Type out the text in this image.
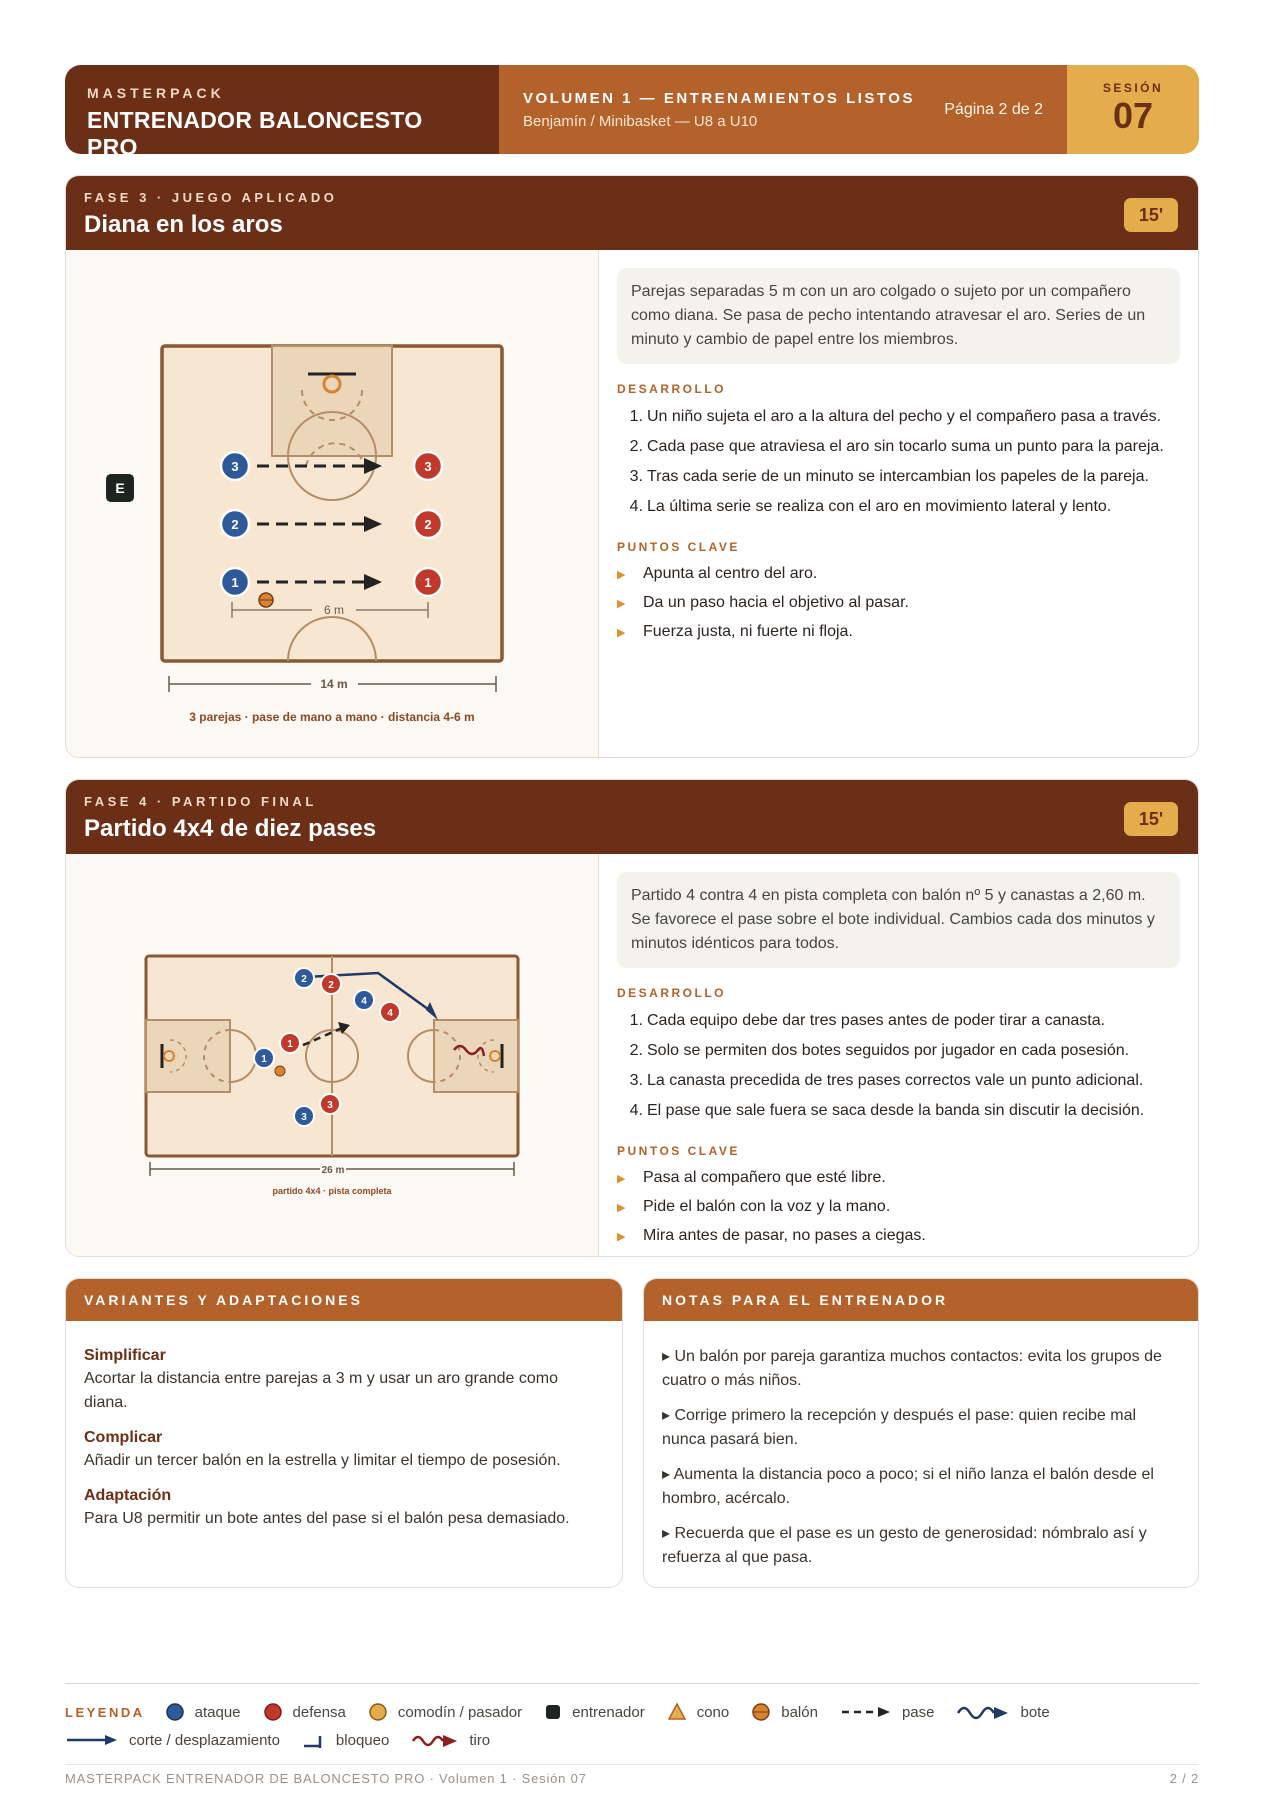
MASTERPACK
ENTRENADOR BALONCESTO PRO
VOLUMEN 1 — ENTRENAMIENTOS LISTOS
Benjamín / Minibasket — U8 a U10
Página 2 de 2
SESIÓN
07
FASE 3 · JUEGO APLICADO
Diana en los aros	15'
E
3
2
1
3
2
1
6 m
14 m
3 parejas · pase de mano a mano · distancia 4-6 m
Parejas separadas 5 m con un aro colgado o sujeto por un compañero como diana. Se pasa de pecho intentando atravesar el aro. Series de un minuto y cambio de papel entre los miembros.
DESARROLLO
1. Un niño sujeta el aro a la altura del pecho y el compañero pasa a través.
2. Cada pase que atraviesa el aro sin tocarlo suma un punto para la pareja.
3. Tras cada serie de un minuto se intercambian los papeles de la pareja.
4. La última serie se realiza con el aro en movimiento lateral y lento.
PUNTOS CLAVE
▶ Apunta al centro del aro.
▶ Da un paso hacia el objetivo al pasar.
▶ Fuerza justa, ni fuerte ni floja.
FASE 4 · PARTIDO FINAL
Partido 4x4 de diez pases	15'
2
4
1
3
2
4
1
3
26 m
partido 4x4 · pista completa
Partido 4 contra 4 en pista completa con balón nº 5 y canastas a 2,60 m. Se favorece el pase sobre el bote individual. Cambios cada dos minutos y minutos idénticos para todos.
DESARROLLO
1. Cada equipo debe dar tres pases antes de poder tirar a canasta.
2. Solo se permiten dos botes seguidos por jugador en cada posesión.
3. La canasta precedida de tres pases correctos vale un punto adicional.
4. El pase que sale fuera se saca desde la banda sin discutir la decisión.
PUNTOS CLAVE
▶ Pasa al compañero que esté libre.
▶ Pide el balón con la voz y la mano.
▶ Mira antes de pasar, no pases a ciegas.
VARIANTES Y ADAPTACIONES
Simplificar
Acortar la distancia entre parejas a 3 m y usar un aro grande como diana.
Complicar
Añadir un tercer balón en la estrella y limitar el tiempo de posesión.
Adaptación
Para U8 permitir un bote antes del pase si el balón pesa demasiado.
NOTAS PARA EL ENTRENADOR
▸ Un balón por pareja garantiza muchos contactos: evita los grupos de cuatro o más niños.
▸ Corrige primero la recepción y después el pase: quien recibe mal nunca pasará bien.
▸ Aumenta la distancia poco a poco; si el niño lanza el balón desde el hombro, acércalo.
▸ Recuerda que el pase es un gesto de generosidad: nómbralo así y refuerza al que pasa.
LEYENDA	ataque	defensa	comodín / pasador	entrenador	cono	balón	pase	bote
corte / desplazamiento	bloqueo	tiro
MASTERPACK ENTRENADOR DE BALONCESTO PRO · Volumen 1 · Sesión 07	2 / 2
